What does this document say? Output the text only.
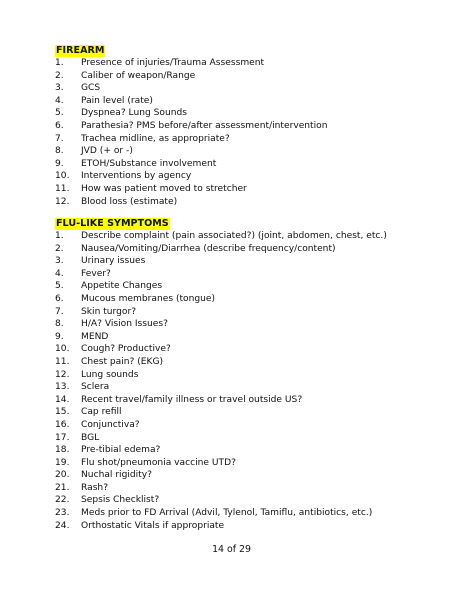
FIREARM
1. Presence of injuries/Trauma Assessment
2. Caliber of weapon/Range
3. GCS
4. Pain level (rate)
5. Dyspnea? Lung Sounds
6. Parathesia? PMS before/after assessment/intervention
7. Trachea midline, as appropriate?
8. JVD (+ or -)
9. ETOH/Substance involvement
10. Interventions by agency
11. How was patient moved to stretcher
12. Blood loss (estimate)
FLU-LIKE SYMPTOMS
1. Describe complaint (pain associated?) (joint, abdomen, chest, etc.)
2. Nausea/Vomiting/Diarrhea (describe frequency/content)
3. Urinary issues
4. Fever?
5. Appetite Changes
6. Mucous membranes (tongue)
7. Skin turgor?
8. H/A? Vision Issues?
9. MEND
10. Cough? Productive?
11. Chest pain? (EKG)
12. Lung sounds
13. Sclera
14. Recent travel/family illness or travel outside US?
15. Cap refill
16. Conjunctiva?
17. BGL
18. Pre-tibial edema?
19. Flu shot/pneumonia vaccine UTD?
20. Nuchal rigidity?
21. Rash?
22. Sepsis Checklist?
23. Meds prior to FD Arrival (Advil, Tylenol, Tamiflu, antibiotics, etc.)
24. Orthostatic Vitals if appropriate
14 of 29
